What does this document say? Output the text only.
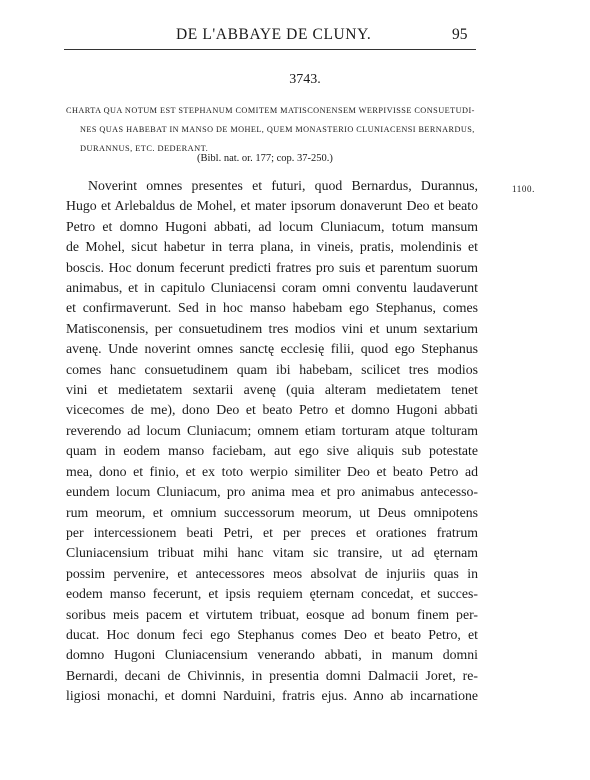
DE L'ABBAYE DE CLUNY.	95
3743.
CHARTA QUA NOTUM EST STEPHANUM COMITEM MATISCONENSEM WERPIVISSE CONSUETUDI-
NES QUAS HABEBAT IN MANSO DE MOHEL, QUEM MONASTERIO CLUNIACENSI BERNARDUS,
DURANNUS, ETC. DEDERANT.
(Bibl. nat. or. 177; cop. 37-250.)
1100.
Noverint omnes presentes et futuri, quod Bernardus, Durannus,
Hugo et Arlebaldus de Mohel, et mater ipsorum donaverunt Deo et beato
Petro et domno Hugoni abbati, ad locum Cluniacum, totum mansum
de Mohel, sicut habetur in terra plana, in vineis, pratis, molendinis et
boscis. Hoc donum fecerunt predicti fratres pro suis et parentum suorum
animabus, et in capitulo Cluniacensi coram omni conventu laudaverunt
et confirmaverunt. Sed in hoc manso habebam ego Stephanus, comes
Matisconensis, per consuetudinem tres modios vini et unum sextarium
avenę. Unde noverint omnes sanctę ecclesię filii, quod ego Stephanus
comes hanc consuetudinem quam ibi habebam, scilicet tres modios
vini et medietatem sextarii avenę (quia alteram medietatem tenet
vicecomes de me), dono Deo et beato Petro et domno Hugoni abbati
reverendo ad locum Cluniacum; omnem etiam torturam atque tolturam
quam in eodem manso faciebam, aut ego sive aliquis sub potestate
mea, dono et finio, et ex toto werpio similiter Deo et beato Petro ad
eundem locum Cluniacum, pro anima mea et pro animabus antecesso-
rum meorum, et omnium successorum meorum, ut Deus omnipotens
per intercessionem beati Petri, et per preces et orationes fratrum
Cluniacensium tribuat mihi hanc vitam sic transire, ut ad ęternam
possim pervenire, et antecessores meos absolvat de injuriis quas in
eodem manso fecerunt, et ipsis requiem ęternam concedat, et succes-
soribus meis pacem et virtutem tribuat, eosque ad bonum finem per-
ducat. Hoc donum feci ego Stephanus comes Deo et beato Petro, et
domno Hugoni Cluniacensium venerando abbati, in manum domni
Bernardi, decani de Chivinnis, in presentia domni Dalmacii Joret, re-
ligiosi monachi, et domni Narduini, fratris ejus. Anno ab incarnatione
